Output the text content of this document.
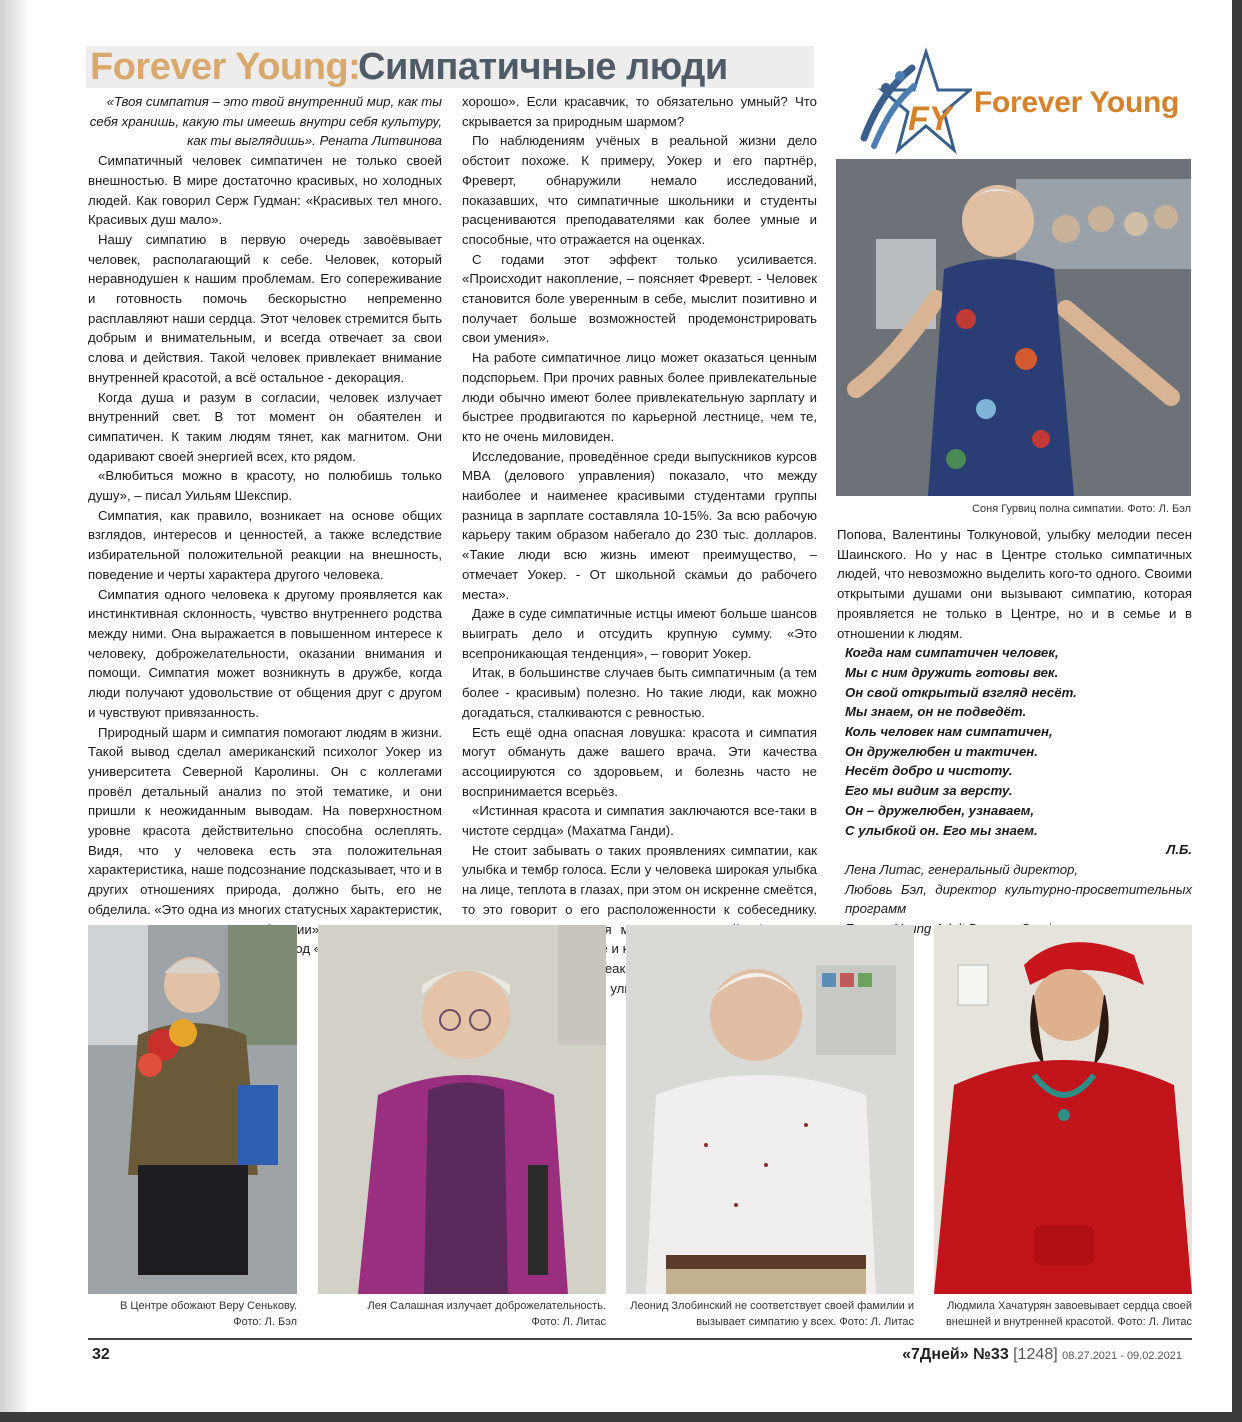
Forever Young:
Симпатичные люди

«Твоя симпатия – это твой внутренний мир, как ты себя хранишь, какую ты имеешь внутри себя культуру, как ты выглядишь». Рената Литвинова

Симпатичный человек симпатичен не только своей внешностью. В мире достаточно красивых, но холодных людей. Как говорил Серж Гудман: «Красивых тел много. Красивых душ мало».

Нашу симпатию в первую очередь завоёвывает человек, располагающий к себе. Человек, который неравнодушен к нашим проблемам. Его сопереживание и готовность помочь бескорыстно непременно расплавляют наши сердца. Этот человек стремится быть добрым и внимательным, и всегда отвечает за свои слова и действия. Такой человек привлекает внимание внутренней красотой, а всё остальное - декорация.

Когда душа и разум в согласии, человек излучает внутренний свет. В тот момент он обаятелен и симпатичен. К таким людям тянет, как магнитом. Они одаривают своей энергией всех, кто рядом.

«Влюбиться можно в красоту, но полюбишь только душу», – писал Уильям Шекспир.

Симпатия, как правило, возникает на основе общих взглядов, интересов и ценностей, а также вследствие избирательной положительной реакции на внешность, поведение и черты характера другого человека.

Симпатия одного человека к другому проявляется как инстинктивная склонность, чувство внутреннего родства между ними. Она выражается в повышенном интересе к человеку, доброжелательности, оказании внимания и помощи. Симпатия может возникнуть в дружбе, когда люди получают удовольствие от общения друг с другом и чувствуют привязанность.

Природный шарм и симпатия помогают людям в жизни. Такой вывод сделал американский психолог Уокер из университета Северной Каролины. Он с коллегами провёл детальный анализ по этой тематике, и они пришли к неожиданным выводам. На поверхностном уровне красота действительно способна ослеплять. Видя, что у человека есть эта положительная характеристика, наше подсознание подсказывает, что и в других отношениях природа, должно быть, его не обделила. «Это одна из многих статусных характеристик,

хорошо». Если красавчик, то обязательно умный? Что скрывается за природным шармом?

По наблюдениям учёных в реальной жизни дело обстоит похоже. К примеру, Уокер и его партнёр, Фреверт, обнаружили немало исследований, показавших, что симпатичные школьники и студенты расцениваются преподавателями как более умные и способные, что отражается на оценках.

С годами этот эффект только усиливается. «Происходит накопление, – поясняет Фреверт. - Человек становится боле уверенным в себе, мыслит позитивно и получает больше возможностей продемонстрировать свои умения».

На работе симпатичное лицо может оказаться ценным подспорьем. При прочих равных более привлекательные люди обычно имеют более привлекательную зарплату и быстрее продвигаются по карьерной лестнице, чем те, кто не очень миловиден.

Исследование, проведённое среди выпускников курсов MBA (делового управления) показало, что между наиболее и наименее красивыми студентами группы разница в зарплате составляла 10-15%. За всю рабочую карьеру таким образом набегало до 230 тыс. долларов. «Такие люди всю жизнь имеют преимущество, – отмечает Уокер. - От школьной скамьи до рабочего места».

Даже в суде симпатичные истцы имеют больше шансов выиграть дело и отсудить крупную сумму. «Это всепроникающая тенденция», – говорит Уокер.

Итак, в большинстве случаев быть симпатичным (а тем более - красивым) полезно. Но такие люди, как можно догадаться, сталкиваются с ревностью.

Есть ещё одна опасная ловушка: красота и симпатия могут обмануть даже вашего врача. Эти качества ассоциируются со здоровьем, и болезнь часто не воспринимается всерьёз.

«Истинная красота и симпатия заключаются все-таки в чистоте сердца» (Махатма Ганди).

Не стоит забывать о таких проявлениях симпатии, как улыбка и тембр голоса. Если у человека широкая улыбка на лице, теплота в глазах, при этом он искренне смеётся, то это говорит о его расположенности к собеседнику. и

FY Forever Young
Соня Гурвиц полна симпатии. Фото: Л. Бэл

Попова, Валентины Толкуновой, улыбку мелодии песен Шаинского. Но у нас в Центре столько симпатичных людей, что невозможно выделить кого-то одного. Своими открытыми душами они вызывают симпатию, которая проявляется не только в Центре, но и в семье и в отношении к людям.

Когда нам симпатичен человек,

Мы с ним дружить готовы век.

Он свой открытый взгляд несёт.

Мы знаем, он не подведёт.

Коль человек нам симпатичен,

Он дружелюбен и тактичен.

Несёт добро и чистоту.

Его мы видим за версту.

Он – дружелюбен, узнаваем,

С улыбкой он. Его мы знаем.

Л.Б.

Лена Литас, генеральный директор,

Любовь Бэл, директор культурно-просветительных программ

В Центре обожают Веру Сенькову.
Фото: Л. Бэл
Лея Салашная излучает доброжелательность.
Фото: Л. Литас
Леонид Злобинский не соответствует своей фамилии и
вызывает симпатию у всех. Фото: Л. Литас
Людмила Хачатурян завоевывает сердца своей
внешней и внутренней красотой. Фото: Л. Литас
32	«7Дней» №33 [1248] 08.27.2021 - 09.02.2021
